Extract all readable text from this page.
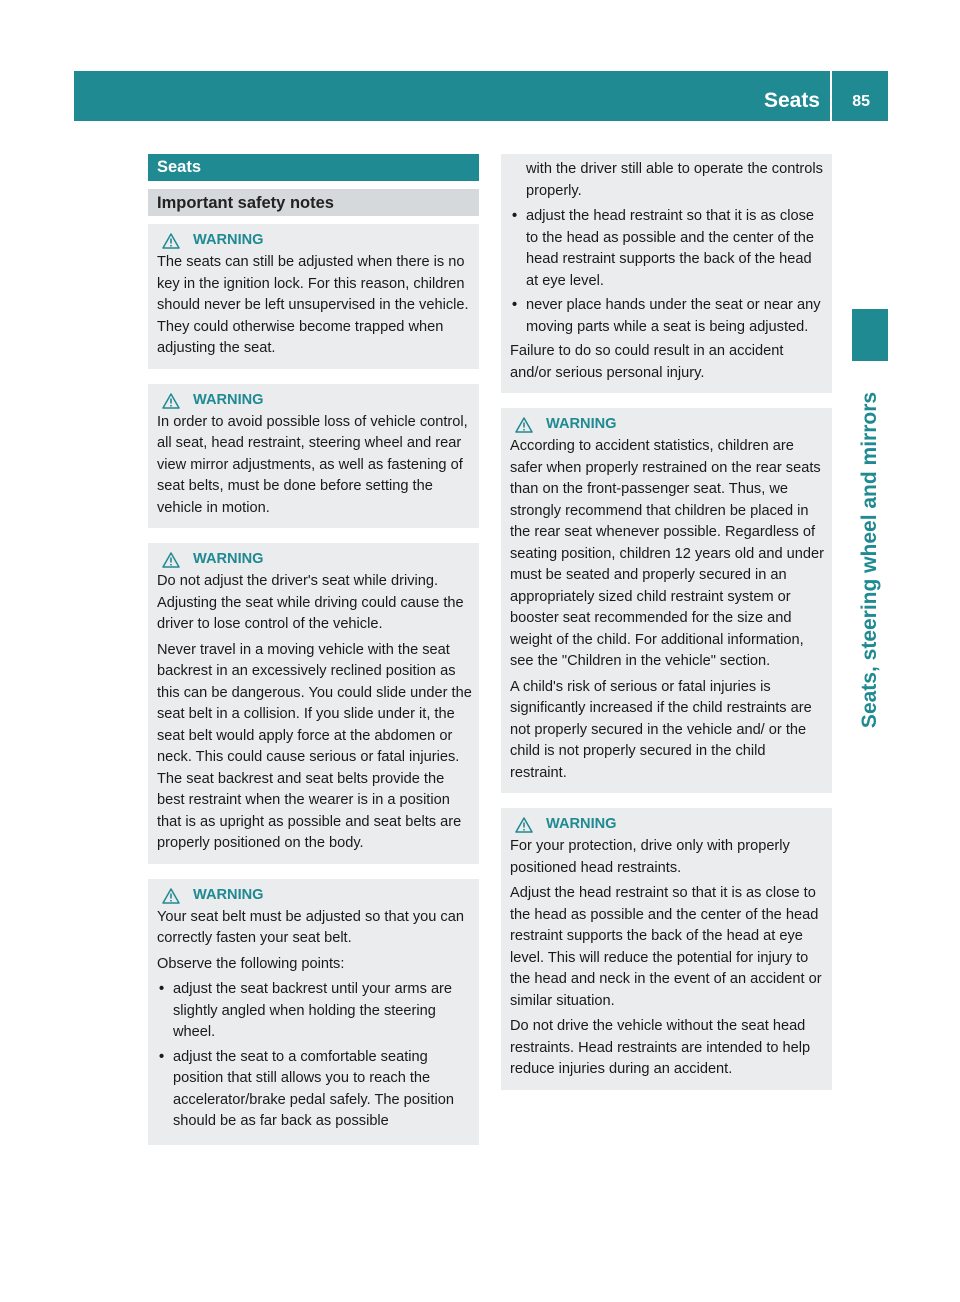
Seats 85
Seats, steering wheel and mirrors
Seats
Important safety notes
WARNING

The seats can still be adjusted when there is no key in the ignition lock. For this reason, children should never be left unsupervised in the vehicle. They could otherwise become trapped when adjusting the seat.

WARNING

In order to avoid possible loss of vehicle control, all seat, head restraint, steering wheel and rear view mirror adjustments, as well as fastening of seat belts, must be done before setting the vehicle in motion.

WARNING

Do not adjust the driver's seat while driving. Adjusting the seat while driving could cause the driver to lose control of the vehicle.

Never travel in a moving vehicle with the seat backrest in an excessively reclined position as this can be dangerous. You could slide under the seat belt in a collision. If you slide under it, the seat belt would apply force at the abdomen or neck. This could cause serious or fatal injuries. The seat backrest and seat belts provide the best restraint when the wearer is in a position that is as upright as possible and seat belts are properly positioned on the body.

WARNING

Your seat belt must be adjusted so that you can correctly fasten your seat belt.

Observe the following points:

• adjust the seat backrest until your arms are slightly angled when holding the steering wheel.
• adjust the seat to a comfortable seating position that still allows you to reach the accelerator/brake pedal safely. The position should be as far back as possible

with the driver still able to operate the controls properly.

• adjust the head restraint so that it is as close to the head as possible and the center of the head restraint supports the back of the head at eye level.
• never place hands under the seat or near any moving parts while a seat is being adjusted.

Failure to do so could result in an accident and/or serious personal injury.

WARNING

According to accident statistics, children are safer when properly restrained on the rear seats than on the front-passenger seat. Thus, we strongly recommend that children be placed in the rear seat whenever possible. Regardless of seating position, children 12 years old and under must be seated and properly secured in an appropriately sized child restraint system or booster seat recommended for the size and weight of the child. For additional information, see the "Children in the vehicle" section.

A child's risk of serious or fatal injuries is significantly increased if the child restraints are not properly secured in the vehicle and/ or the child is not properly secured in the child restraint.

WARNING

For your protection, drive only with properly positioned head restraints.

Adjust the head restraint so that it is as close to the head as possible and the center of the head restraint supports the back of the head at eye level. This will reduce the potential for injury to the head and neck in the event of an accident or similar situation.

Do not drive the vehicle without the seat head restraints. Head restraints are intended to help reduce injuries during an accident.
